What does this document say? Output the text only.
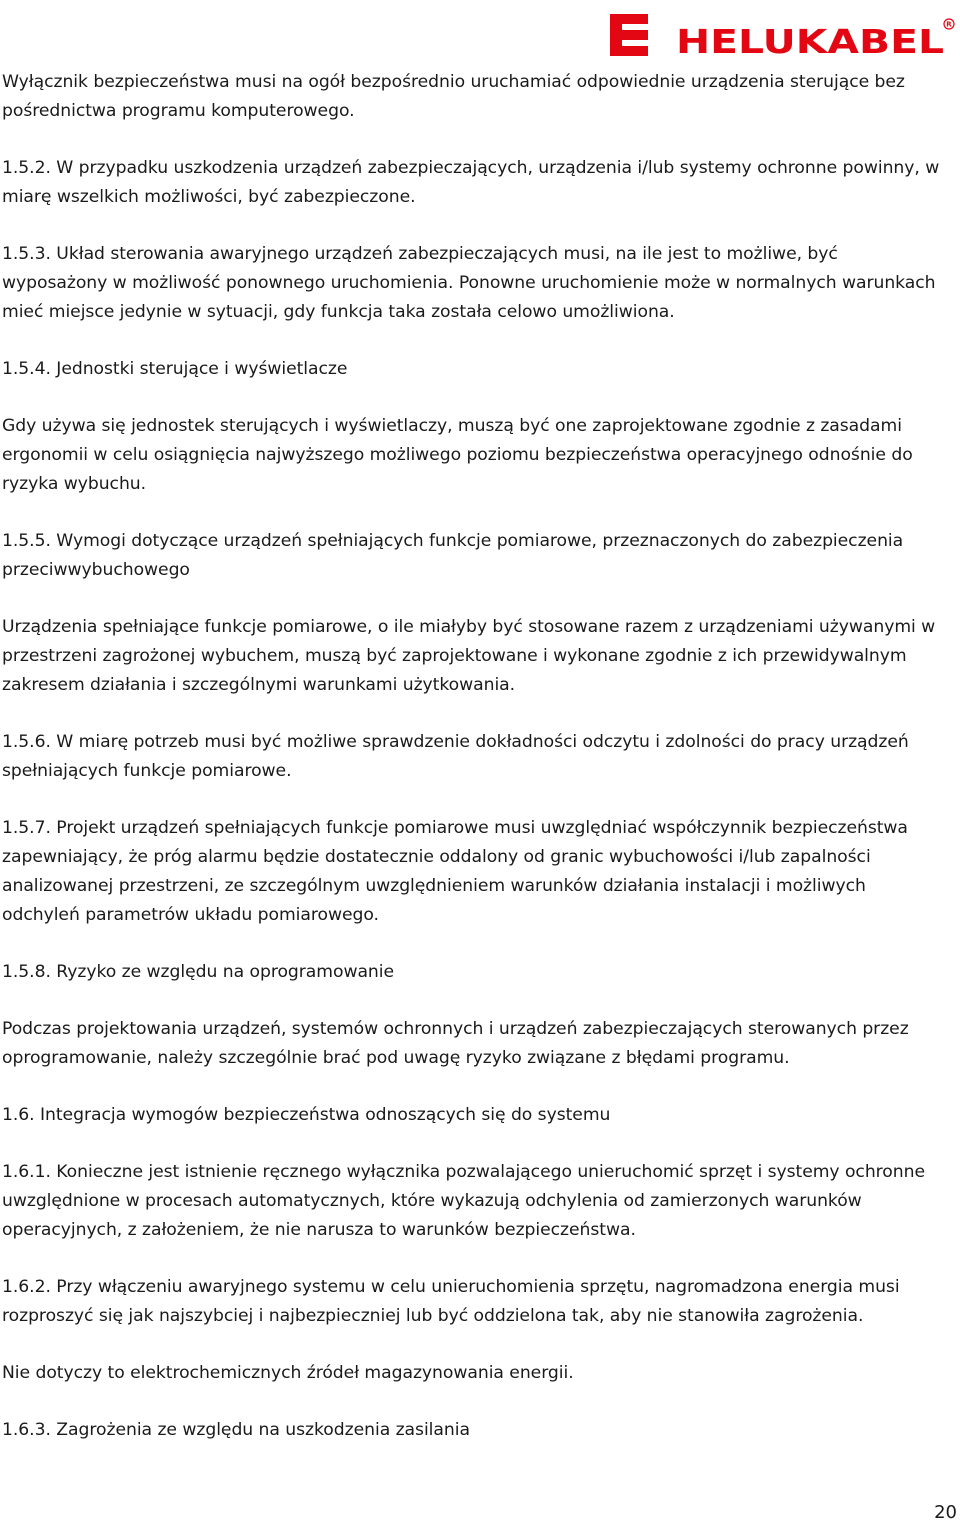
HELUKABEL R

Wyłącznik bezpieczeństwa musi na ogół bezpośrednio uruchamiać odpowiednie urządzenia sterujące bez
pośrednictwa programu komputerowego.

1.5.2. W przypadku uszkodzenia urządzeń zabezpieczających, urządzenia i/lub systemy ochronne powinny, w
miarę wszelkich możliwości, być zabezpieczone.

1.5.3. Układ sterowania awaryjnego urządzeń zabezpieczających musi, na ile jest to możliwe, być
wyposażony w możliwość ponownego uruchomienia. Ponowne uruchomienie może w normalnych warunkach
mieć miejsce jedynie w sytuacji, gdy funkcja taka została celowo umożliwiona.

1.5.4. Jednostki sterujące i wyświetlacze

Gdy używa się jednostek sterujących i wyświetlaczy, muszą być one zaprojektowane zgodnie z zasadami
ergonomii w celu osiągnięcia najwyższego możliwego poziomu bezpieczeństwa operacyjnego odnośnie do
ryzyka wybuchu.

1.5.5. Wymogi dotyczące urządzeń spełniających funkcje pomiarowe, przeznaczonych do zabezpieczenia
przeciwwybuchowego

Urządzenia spełniające funkcje pomiarowe, o ile miałyby być stosowane razem z urządzeniami używanymi w
przestrzeni zagrożonej wybuchem, muszą być zaprojektowane i wykonane zgodnie z ich przewidywalnym
zakresem działania i szczególnymi warunkami użytkowania.

1.5.6. W miarę potrzeb musi być możliwe sprawdzenie dokładności odczytu i zdolności do pracy urządzeń
spełniających funkcje pomiarowe.

1.5.7. Projekt urządzeń spełniających funkcje pomiarowe musi uwzględniać współczynnik bezpieczeństwa
zapewniający, że próg alarmu będzie dostatecznie oddalony od granic wybuchowości i/lub zapalności
analizowanej przestrzeni, ze szczególnym uwzględnieniem warunków działania instalacji i możliwych
odchyleń parametrów układu pomiarowego.

1.5.8. Ryzyko ze względu na oprogramowanie

Podczas projektowania urządzeń, systemów ochronnych i urządzeń zabezpieczających sterowanych przez
oprogramowanie, należy szczególnie brać pod uwagę ryzyko związane z błędami programu.

1.6. Integracja wymogów bezpieczeństwa odnoszących się do systemu

1.6.1. Konieczne jest istnienie ręcznego wyłącznika pozwalającego unieruchomić sprzęt i systemy ochronne
uwzględnione w procesach automatycznych, które wykazują odchylenia od zamierzonych warunków
operacyjnych, z założeniem, że nie narusza to warunków bezpieczeństwa.

1.6.2. Przy włączeniu awaryjnego systemu w celu unieruchomienia sprzętu, nagromadzona energia musi
rozproszyć się jak najszybciej i najbezpieczniej lub być oddzielona tak, aby nie stanowiła zagrożenia.

Nie dotyczy to elektrochemicznych źródeł magazynowania energii.

1.6.3. Zagrożenia ze względu na uszkodzenia zasilania

20
